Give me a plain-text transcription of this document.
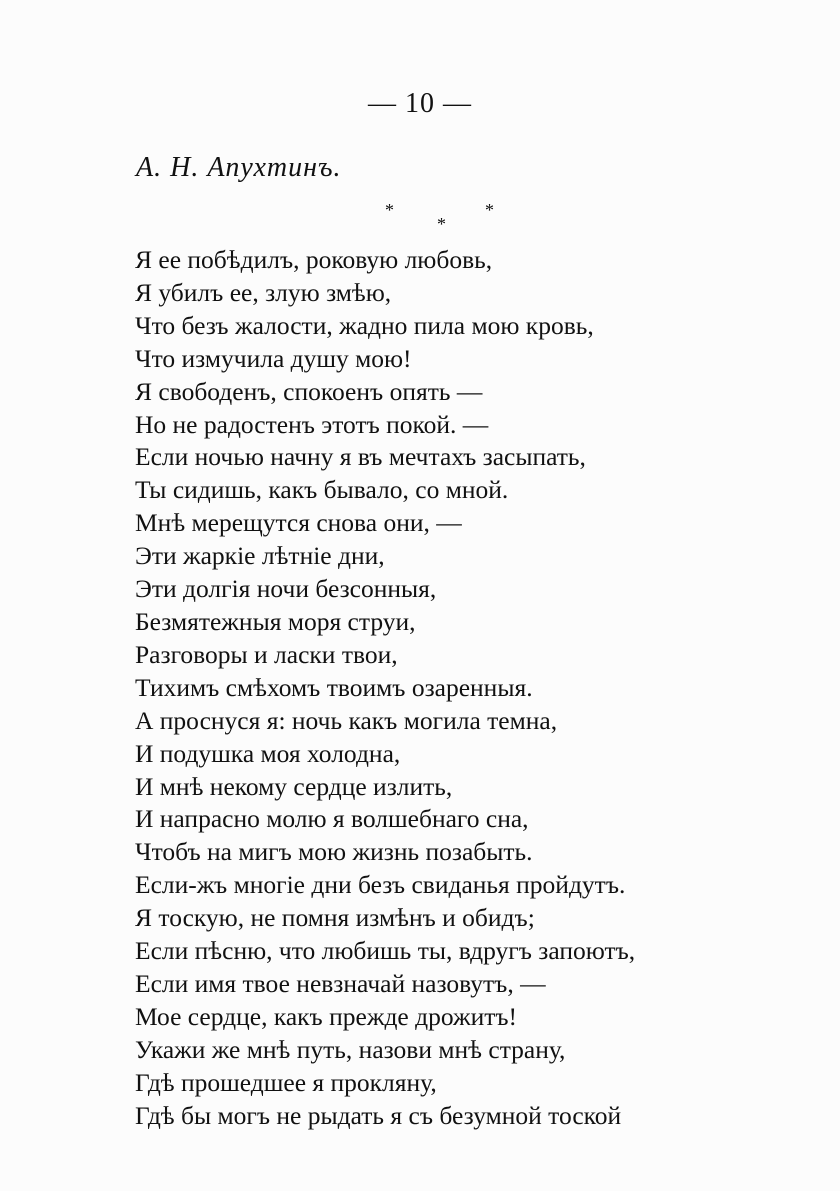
— 10 —
А. Н. Апухтинъ.
*
*
*
Я ее побѣдилъ, роковую любовь,
Я убилъ ее, злую змѣю,
Что безъ жалости, жадно пила мою кровь,
Что измучила душу мою!
Я свободенъ, спокоенъ опять —
Но не радостенъ этотъ покой. —
Если ночью начну я въ мечтахъ засыпать,
Ты сидишь, какъ бывало, со мной.
Мнѣ мерещутся снова они, —
Эти жаркіе лѣтніе дни,
Эти долгія ночи безсонныя,
Безмятежныя моря струи,
Разговоры и ласки твои,
Тихимъ смѣхомъ твоимъ озаренныя.
А проснуся я: ночь какъ могила темна,
И подушка моя холодна,
И мнѣ некому сердце излить,
И напрасно молю я волшебнаго сна,
Чтобъ на мигъ мою жизнь позабыть.
Если-жъ многіе дни безъ свиданья пройдутъ.
Я тоскую, не помня измѣнъ и обидъ;
Если пѣсню, что любишь ты, вдругъ запоютъ,
Если имя твое невзначай назовутъ, —
Мое сердце, какъ прежде дрожитъ!
Укажи же мнѣ путь, назови мнѣ страну,
Гдѣ прошедшее я прокляну,
Гдѣ бы могъ не рыдать я съ безумной тоской
